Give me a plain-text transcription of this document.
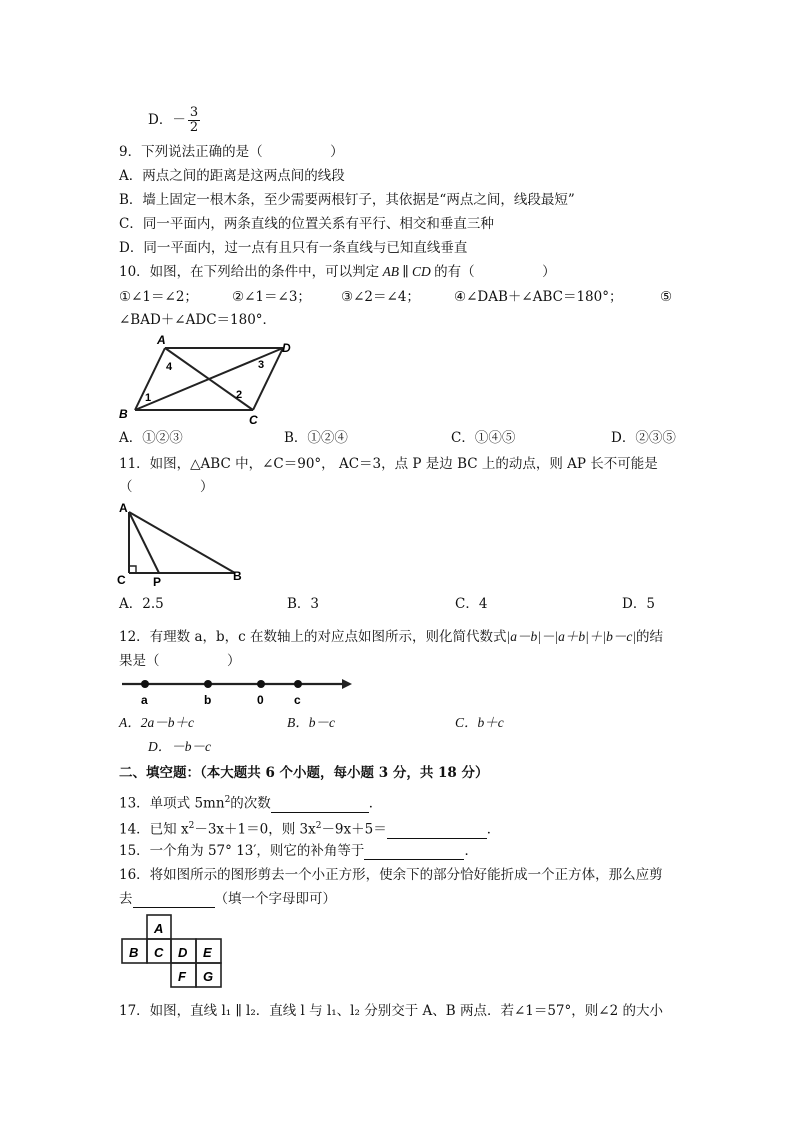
D．－ $\frac{3}{2}$
9．下列说法正确的是（　　　　　）
A．两点之间的距离是这两点间的线段
B．墙上固定一根木条，至少需要两根钉子，其依据是“两点之间，线段最短”
C．同一平面内，两条直线的位置关系有平行、相交和垂直三种
D．同一平面内，过一点有且只有一条直线与已知直线垂直
10．如图，在下列给出的条件中，可以判定 AB ∥ CD 的有（　　　　　）
①∠1＝∠2；	②∠1＝∠3； ③∠2＝∠4；	④∠DAB＋∠ABC＝180°；	⑤
∠BAD＋∠ADC＝180°．
A
B	C
D
1	2
3
4
A．①②③	B．①②④	C．①④⑤	D．②③⑤
11．如图，△ABC 中，∠C＝90°， AC＝3，点 P 是边 BC 上的动点，则 AP 长不可能是
（　　　　　）
A
C P	B
A．2.5	B．3	C．4	D．5
12．有理数 a，b，c 在数轴上的对应点如图所示，则化简代数式|a－b|－|a＋b|＋|b－c|的结
果是（　　　　　）
a	b	0	c
A．2a－b＋c	B．b－c	C．b＋c
D．－b－c
二、填空题：（本大题共 6 个小题，每小题 3 分，共 18 分）
13．单项式 $5mn^2$的次数	．
14．已知 $x^2-3x+1=0$，则 $3x^2-9x+5=$	．
15．一个角为 57° 13′，则它的补角等于	．
16．将如图所示的图形剪去一个小正方形，使余下的部分恰好能折成一个正方体，那么应剪
去	（填一个字母即可）
A
B C D E
F G
17．如图，直线 l₁ ∥ l₂．直线 l 与 l₁、l₂ 分别交于 A、B 两点．若∠1＝57°，则∠2 的大小
